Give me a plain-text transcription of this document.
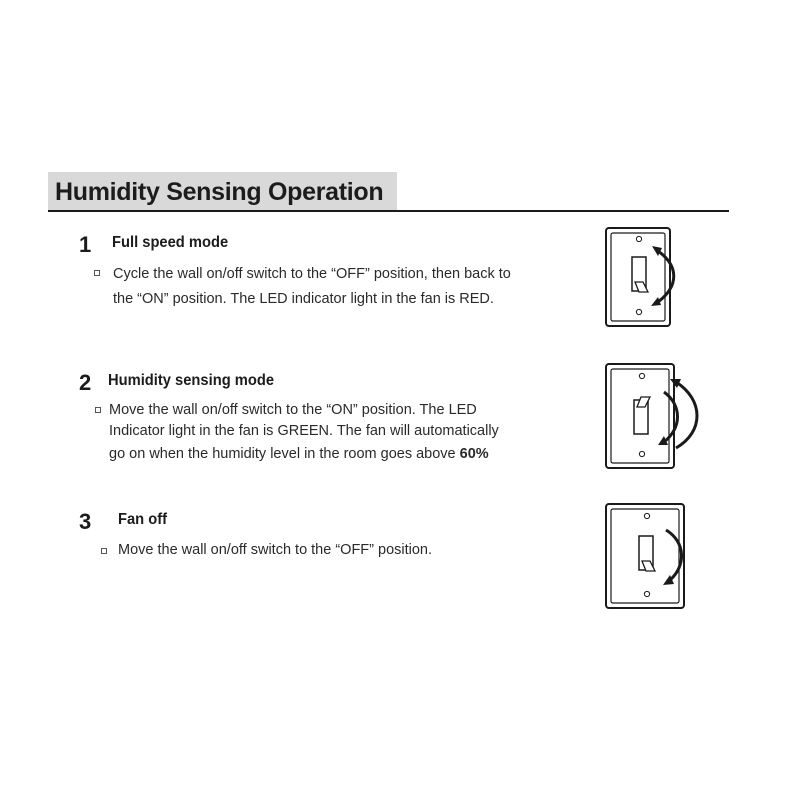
Humidity Sensing Operation
1 Full speed mode
Cycle the wall on/off switch to the “OFF” position, then back to
the “ON” position. The LED indicator light in the fan is RED.
2 Humidity sensing mode
Move the wall on/off switch to the “ON” position. The LED
Indicator light in the fan is GREEN. The fan will automatically
go on when the humidity level in the room goes above 60%
3 Fan off
Move the wall on/off switch to the “OFF” position.
